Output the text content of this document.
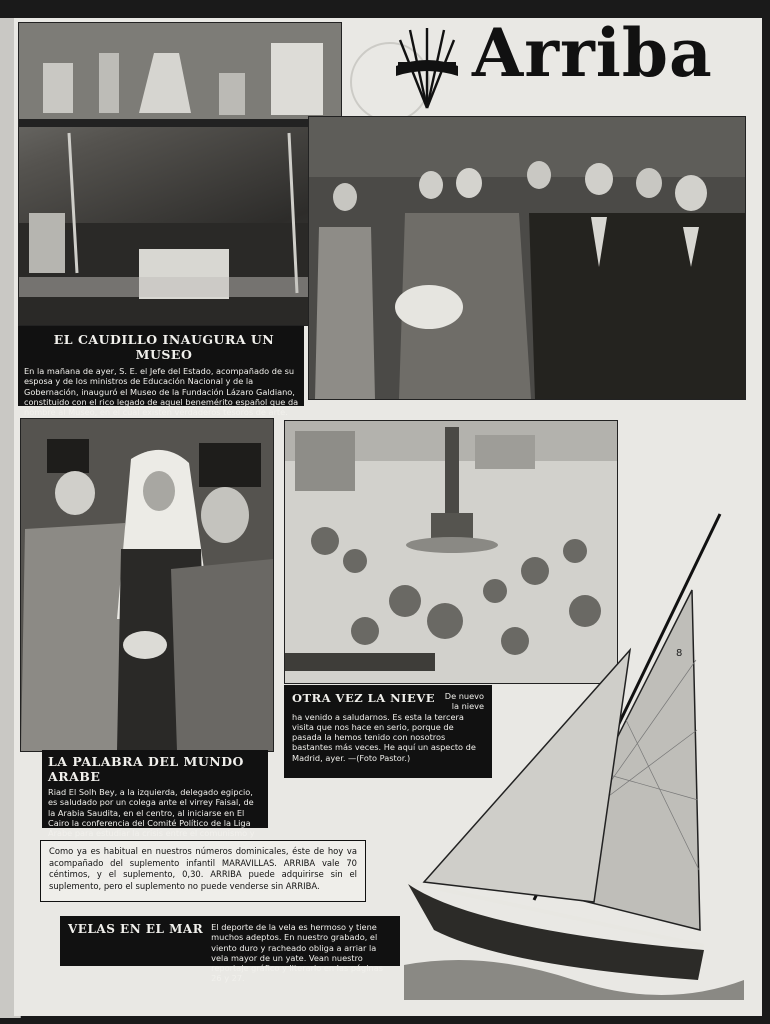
Arriba
EL CAUDILLO INAUGURA UN MUSEO

En la mañana de ayer, S. E. el Jefe del Estado, acompañado de su esposa y de los ministros de Educación Nacional y de la Gobernación, inauguró el Museo de la Fundación Lázaro Galdiano, constituido con el rico legado de aquel benemérito español que da nombre al Museo, en el cual existen verdaderos tesoros de arte.

LA PALABRA DEL MUNDO ARABE

Riad El Solh Bey, a la izquierda, delegado egipcio, es saludado por un colega ante el virrey Faisal, de la Arabia Saudita, en el centro, al iniciarse en El Cairo la conferencia del Comité Político de la Liga Arabe para estudiar la crisis entre el comunismo y

OTRA VEZ LA NIEVE	De nuevo la nieve

ha venido a saludarnos. Es esta la tercera visita que nos hace en serio, porque de pasada la hemos tenido con nosotros bastantes más veces. He aquí un aspecto de Madrid, ayer. —(Foto Pastor.)

8
Como ya es habitual en nuestros números dominicales, éste de hoy va acompañado del suplemento infantil MARAVILLAS. ARRIBA vale 70 céntimos, y el suplemento, 0,30. ARRIBA puede adquirirse sin el suplemento, pero el suplemento no puede venderse sin ARRIBA.
VELAS EN EL MAR El deporte de la vela es hermoso y tiene muchos adeptos. En nuestro grabado, el viento duro y racheado obliga a arriar la vela mayor de un yate. Vean nuestro reportaje gráfico y literario en las páginas 26 y 27.
